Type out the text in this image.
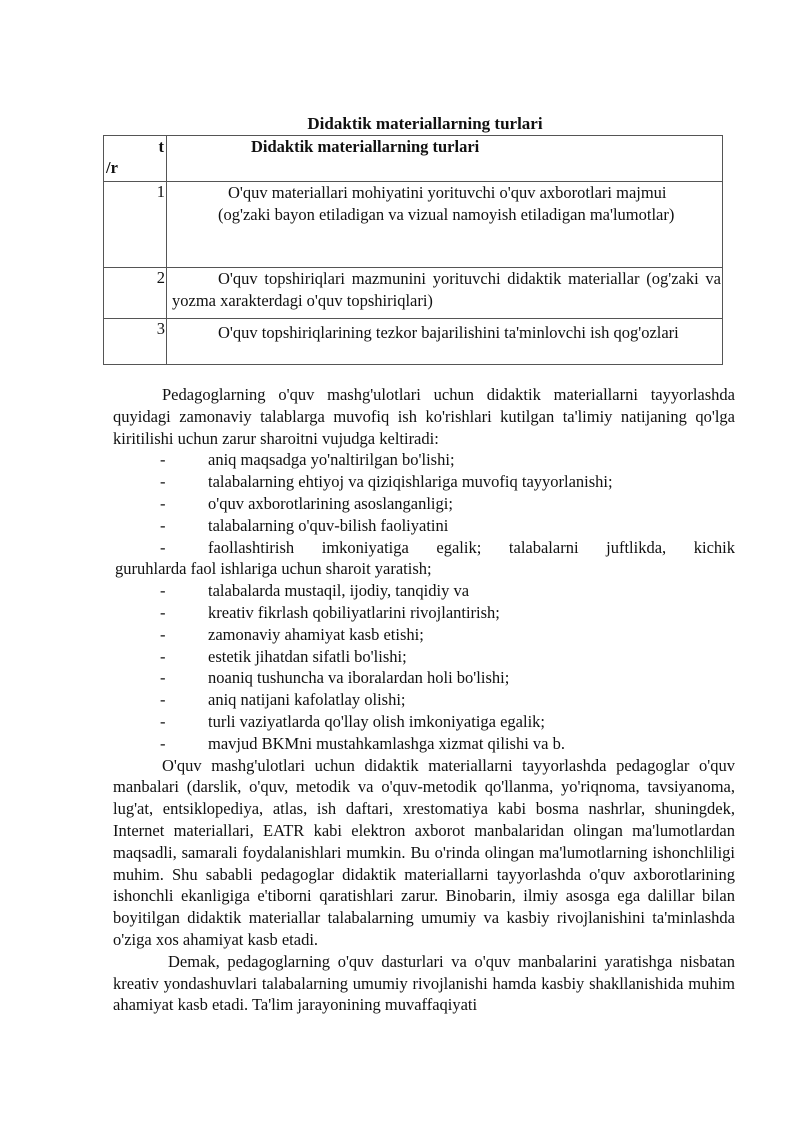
Didaktik materiallarning turlari
t
/r	Didaktik materiallarning turlari
1	O'quv materiallari mohiyatini yorituvchi o'quv axborotlari majmui
(og'zaki bayon etiladigan va vizual namoyish etiladigan ma'lumotlar)

2	O'quv topshiriqlari mazmunini yorituvchi didaktik materiallar (og'zaki va yozma xarakterdagi o'quv topshiriqlari)

3	O'quv topshiriqlarining tezkor bajarilishini ta'minlovchi ish qog'ozlari

Pedagoglarning o'quv mashg'ulotlari uchun didaktik materiallarni tayyorlashda quyidagi zamonaviy talablarga muvofiq ish ko'rishlari kutilgan ta'limiy natijaning qo'lga kiritilishi uchun zarur sharoitni vujudga keltiradi:

-	aniq maqsadga yo'naltirilgan bo'lishi;
-	talabalarning ehtiyoj va qiziqishlariga muvofiq tayyorlanishi;
-	o'quv axborotlarining asoslanganligi;
-	talabalarning o'quv-bilish faoliyatini
-	faollashtirish imkoniyatiga egalik; talabalarni juftlikda, kichik
guruhlarda faol ishlariga uchun sharoit yaratish;
-	talabalarda mustaqil, ijodiy, tanqidiy va
-	kreativ fikrlash qobiliyatlarini rivojlantirish;
-	zamonaviy ahamiyat kasb etishi;
-	estetik jihatdan sifatli bo'lishi;
-	noaniq tushuncha va iboralardan holi bo'lishi;
-	aniq natijani kafolatlay olishi;
-	turli vaziyatlarda qo'llay olish imkoniyatiga egalik;
-	mavjud BKMni mustahkamlashga xizmat qilishi va b.

O'quv mashg'ulotlari uchun didaktik materiallarni tayyorlashda pedagoglar o'quv manbalari (darslik, o'quv, metodik va o'quv-metodik qo'llanma, yo'riqnoma, tavsiyanoma, lug'at, entsiklopediya, atlas, ish daftari, xrestomatiya kabi bosma nashrlar, shuningdek, Internet materiallari, EATR kabi elektron axborot manbalaridan olingan ma'lumotlardan maqsadli, samarali foydalanishlari mumkin. Bu o'rinda olingan ma'lumotlarning ishonchliligi muhim. Shu sababli pedagoglar didaktik materiallarni tayyorlashda o'quv axborotlarining ishonchli ekanligiga e'tiborni qaratishlari zarur. Binobarin, ilmiy asosga ega dalillar bilan boyitilgan didaktik materiallar talabalarning umumiy va kasbiy rivojlanishini ta'minlashda o'ziga xos ahamiyat kasb etadi.

Demak, pedagoglarning o'quv dasturlari va o'quv manbalarini yaratishga nisbatan kreativ yondashuvlari talabalarning umumiy rivojlanishi hamda kasbiy shakllanishida muhim ahamiyat kasb etadi. Ta'lim jarayonining muvaffaqiyati
